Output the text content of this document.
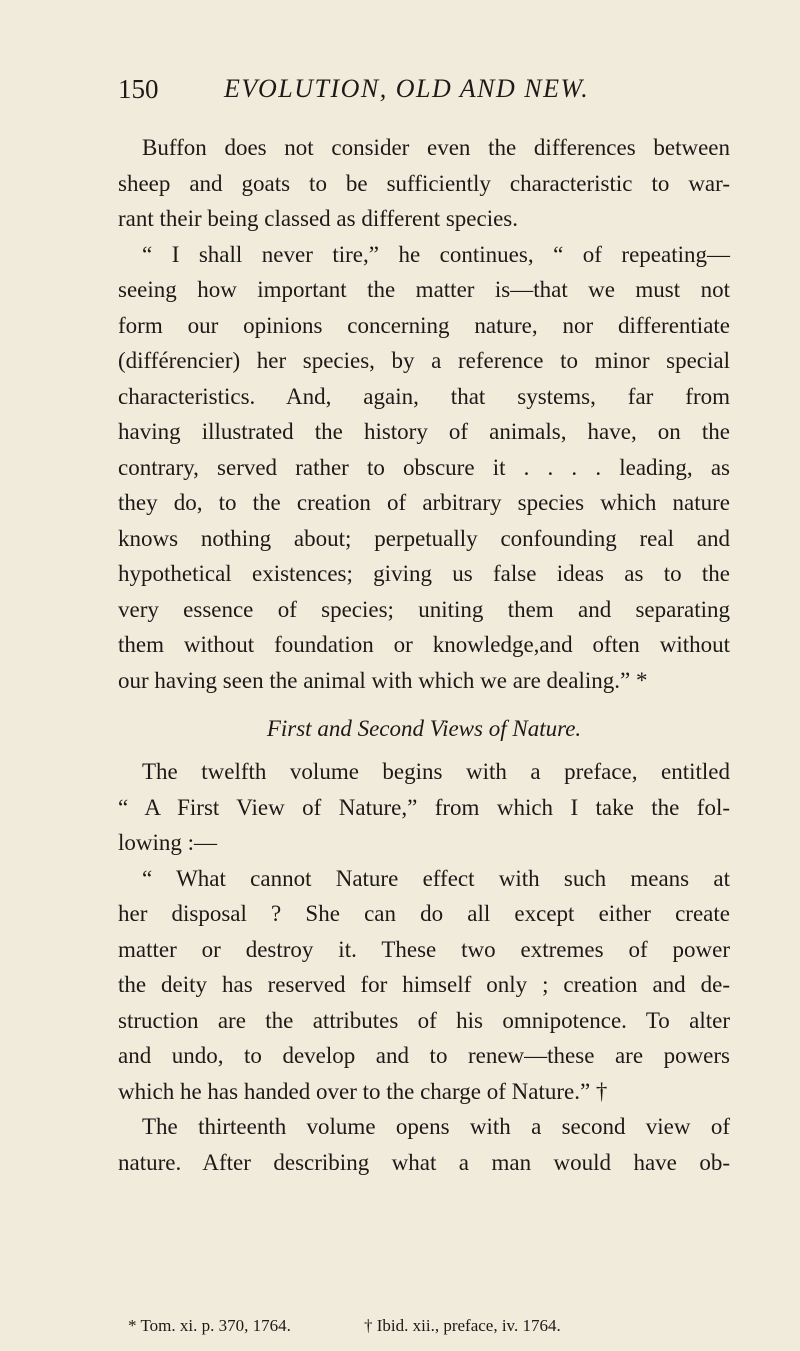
150	EVOLUTION, OLD AND NEW.
Buffon does not consider even the differences between
sheep and goats to be sufficiently characteristic to war-
rant their being classed as different species.
“ I shall never tire,” he continues, “ of repeating—
seeing how important the matter is—that we must not
form our opinions concerning nature, nor differentiate
(différencier) her species, by a reference to minor special
characteristics. And, again, that systems, far from
having illustrated the history of animals, have, on the
contrary, served rather to obscure it . . . . leading, as
they do, to the creation of arbitrary species which nature
knows nothing about; perpetually confounding real and
hypothetical existences; giving us false ideas as to the
very essence of species; uniting them and separating
them without foundation or knowledge,and often without
our having seen the animal with which we are dealing.” *
First and Second Views of Nature.
The twelfth volume begins with a preface, entitled
“ A First View of Nature,” from which I take the fol-
lowing :—
“ What cannot Nature effect with such means at
her disposal ? She can do all except either create
matter or destroy it. These two extremes of power
the deity has reserved for himself only ; creation and de-
struction are the attributes of his omnipotence. To alter
and undo, to develop and to renew—these are powers
which he has handed over to the charge of Nature.” †
The thirteenth volume opens with a second view of
nature. After describing what a man would have ob-
* Tom. xi. p. 370, 1764.	† Ibid. xii., preface, iv. 1764.
